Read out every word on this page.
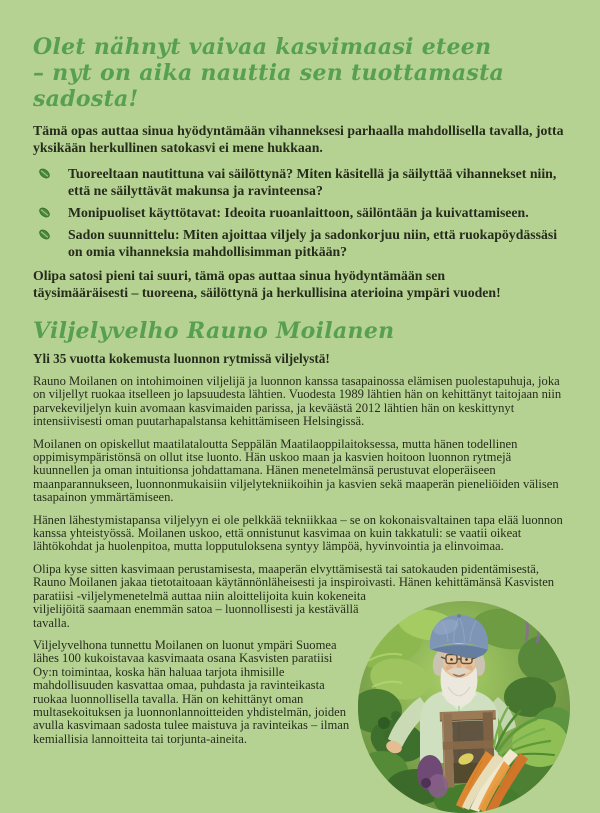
Olet nähnyt vaivaa kasvimaasi eteen
– nyt on aika nauttia sen tuottamasta sadosta!

Tämä opas auttaa sinua hyödyntämään vihanneksesi parhaalla mahdollisella tavalla, jotta yksikään herkullinen satokasvi ei mene hukkaan.

Tuoreeltaan nautittuna vai säilöttynä? Miten käsitellä ja säilyttää vihannekset niin, että ne säilyttävät makunsa ja ravinteensa?
Monipuoliset käyttötavat: Ideoita ruoanlaittoon, säilöntään ja kuivattamiseen.
Sadon suunnittelu: Miten ajoittaa viljely ja sadonkorjuu niin, että ruokapöydässäsi on omia vihanneksia mahdollisimman pitkään?

Olipa satosi pieni tai suuri, tämä opas auttaa sinua hyödyntämään sen
täysimääräisesti – tuoreena, säilöttynä ja herkullisina aterioina ympäri vuoden!

Viljelyvelho Rauno Moilanen

Yli 35 vuotta kokemusta luonnon rytmissä viljelystä!

Rauno Moilanen on intohimoinen viljelijä ja luonnon kanssa tasapainossa elämisen puolestapuhuja, joka on viljellyt ruokaa itselleen jo lapsuudesta lähtien. Vuodesta 1989 lähtien hän on kehittänyt taitojaan niin parvekeviljelyn kuin avomaan kasvimaiden parissa, ja keväästä 2012 lähtien hän on keskittynyt intensiivisesti oman puutarhapalstansa kehittämiseen Helsingissä.

Moilanen on opiskellut maatilataloutta Seppälän Maatilaoppilaitoksessa, mutta hänen todellinen oppimisympäristönsä on ollut itse luonto. Hän uskoo maan ja kasvien hoitoon luonnon rytmejä kuunnellen ja oman intuitionsa johdattamana. Hänen menetelmänsä perustuvat eloperäiseen maanparannukseen, luonnonmukaisiin viljelytekniikoihin ja kasvien sekä maaperän pieneliöiden välisen tasapainon ymmärtämiseen.

Hänen lähestymistapansa viljelyyn ei ole pelkkää tekniikkaa – se on kokonaisvaltainen tapa elää luonnon kanssa yhteistyössä. Moilanen uskoo, että onnistunut kasvimaa on kuin takkatuli: se vaatii oikeat lähtökohdat ja huolenpitoa, mutta lopputuloksena syntyy lämpöä, hyvinvointia ja elinvoimaa.

Olipa kyse sitten kasvimaan perustamisesta, maaperän elvyttämisestä tai satokauden pidentämisestä, Rauno Moilanen jakaa tietotaitoaan käytännönläheisesti ja inspiroivasti. Hänen kehittämänsä Kasvisten paratiisi -viljelymenetelmä auttaa niin aloittelijoita kuin kokeneita viljelijöitä saamaan enemmän satoa – luonnollisesti ja kestävällä tavalla.

Viljelyvelhona tunnettu Moilanen on luonut ympäri Suomea lähes 100 kukoistavaa kasvimaata osana Kasvisten paratiisi Oy:n toimintaa, koska hän haluaa tarjota ihmisille mahdollisuuden kasvattaa omaa, puhdasta ja ravinteikasta ruokaa luonnollisella tavalla. Hän on kehittänyt oman multasekoituksen ja luonnonlannoitteiden yhdistelmän, joiden avulla kasvimaan sadosta tulee maistuva ja ravinteikas – ilman kemiallisia lannoitteita tai torjunta-aineita.
